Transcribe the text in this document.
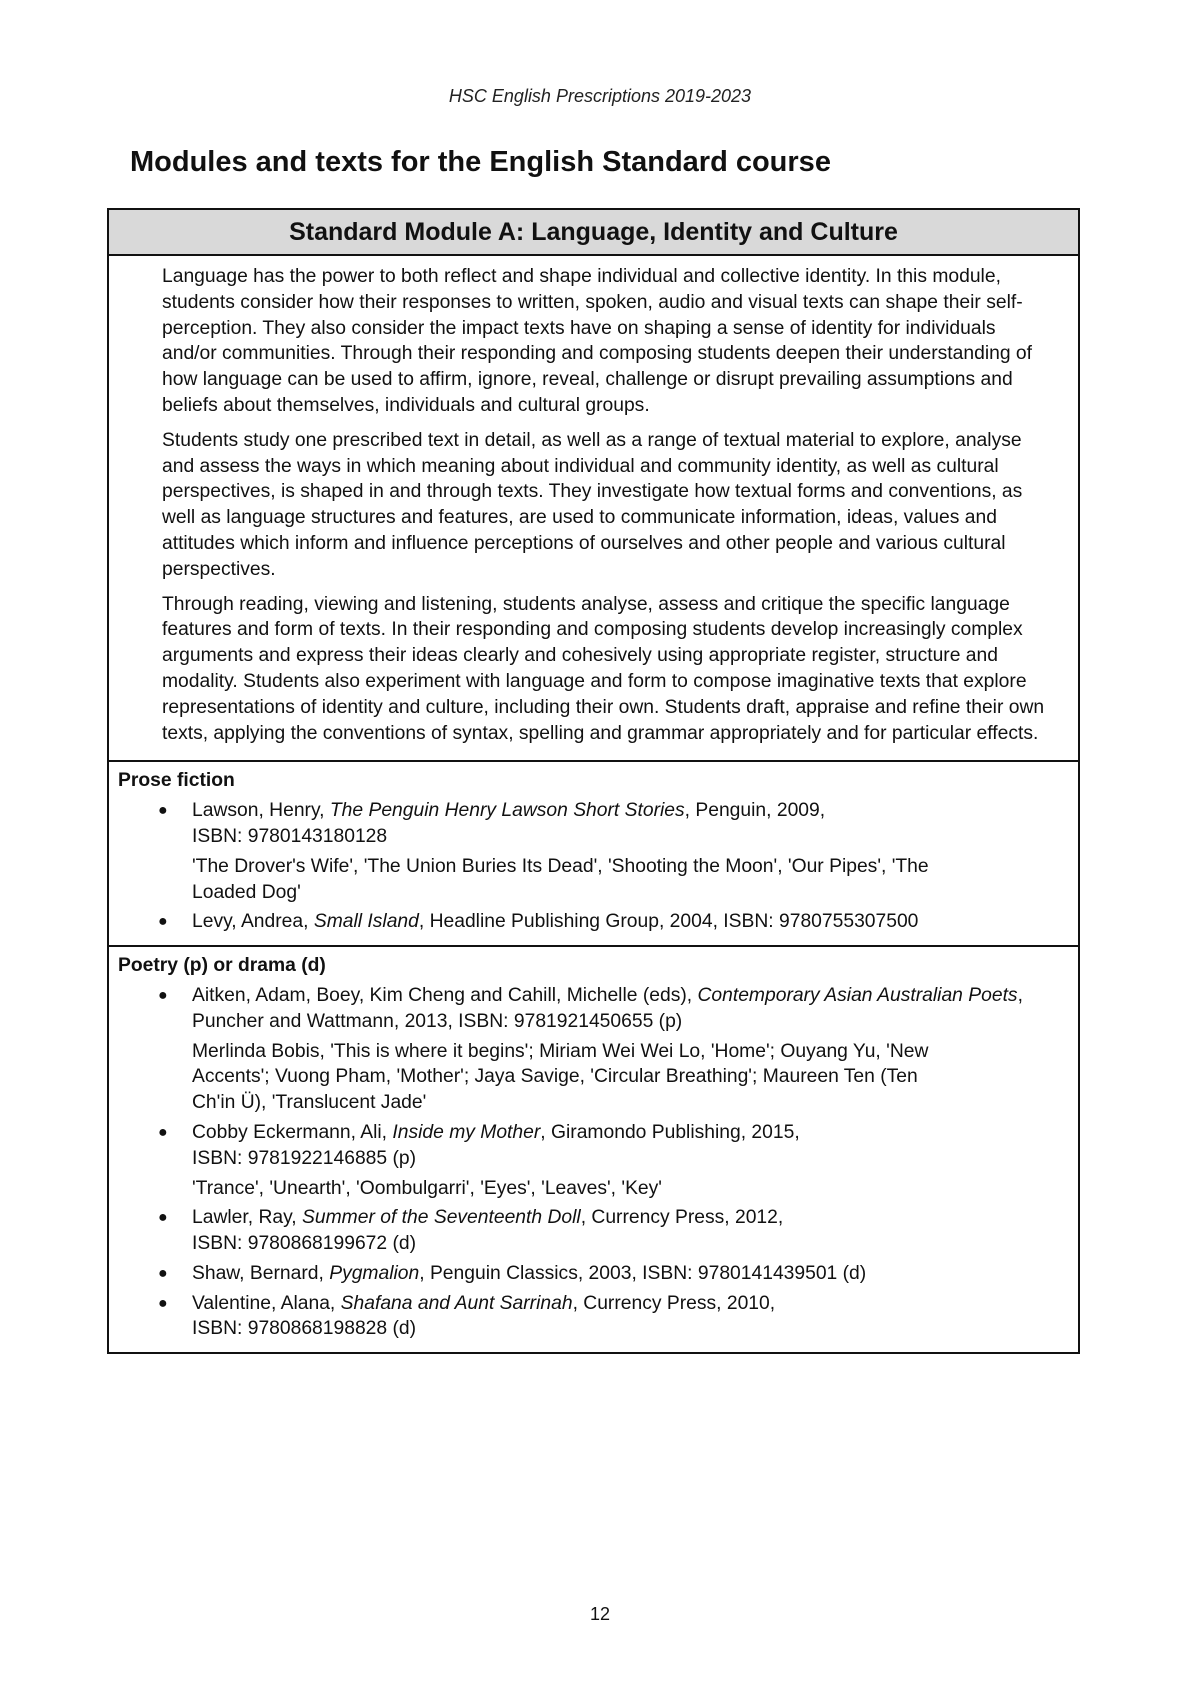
HSC English Prescriptions 2019-2023
Modules and texts for the English Standard course
Standard Module A: Language, Identity and Culture

Language has the power to both reflect and shape individual and collective identity. In this module, students consider how their responses to written, spoken, audio and visual texts can shape their self-perception. They also consider the impact texts have on shaping a sense of identity for individuals and/or communities. Through their responding and composing students deepen their understanding of how language can be used to affirm, ignore, reveal, challenge or disrupt prevailing assumptions and beliefs about themselves, individuals and cultural groups.

Students study one prescribed text in detail, as well as a range of textual material to explore, analyse and assess the ways in which meaning about individual and community identity, as well as cultural perspectives, is shaped in and through texts. They investigate how textual forms and conventions, as well as language structures and features, are used to communicate information, ideas, values and attitudes which inform and influence perceptions of ourselves and other people and various cultural perspectives.

Through reading, viewing and listening, students analyse, assess and critique the specific language features and form of texts. In their responding and composing students develop increasingly complex arguments and express their ideas clearly and cohesively using appropriate register, structure and modality. Students also experiment with language and form to compose imaginative texts that explore representations of identity and culture, including their own. Students draft, appraise and refine their own texts, applying the conventions of syntax, spelling and grammar appropriately and for particular effects.

Prose fiction
● Lawson, Henry, The Penguin Henry Lawson Short Stories, Penguin, 2009,
ISBN: 9780143180128
'The Drover's Wife', 'The Union Buries Its Dead', 'Shooting the Moon', 'Our Pipes', 'The
Loaded Dog'
● Levy, Andrea, Small Island, Headline Publishing Group, 2004, ISBN: 9780755307500
Poetry (p) or drama (d)
● Aitken, Adam, Boey, Kim Cheng and Cahill, Michelle (eds), Contemporary Asian Australian Poets, Puncher and Wattmann, 2013, ISBN: 9781921450655 (p)
Merlinda Bobis, 'This is where it begins'; Miriam Wei Wei Lo, 'Home'; Ouyang Yu, 'New
Accents'; Vuong Pham, 'Mother'; Jaya Savige, 'Circular Breathing'; Maureen Ten (Ten
Ch'in Ü), 'Translucent Jade'
● Cobby Eckermann, Ali, Inside my Mother, Giramondo Publishing, 2015,
ISBN: 9781922146885 (p)
'Trance', 'Unearth', 'Oombulgarri', 'Eyes', 'Leaves', 'Key'
● Lawler, Ray, Summer of the Seventeenth Doll, Currency Press, 2012,
ISBN: 9780868199672 (d)
● Shaw, Bernard, Pygmalion, Penguin Classics, 2003, ISBN: 9780141439501 (d)
● Valentine, Alana, Shafana and Aunt Sarrinah, Currency Press, 2010,
ISBN: 9780868198828 (d)
12
